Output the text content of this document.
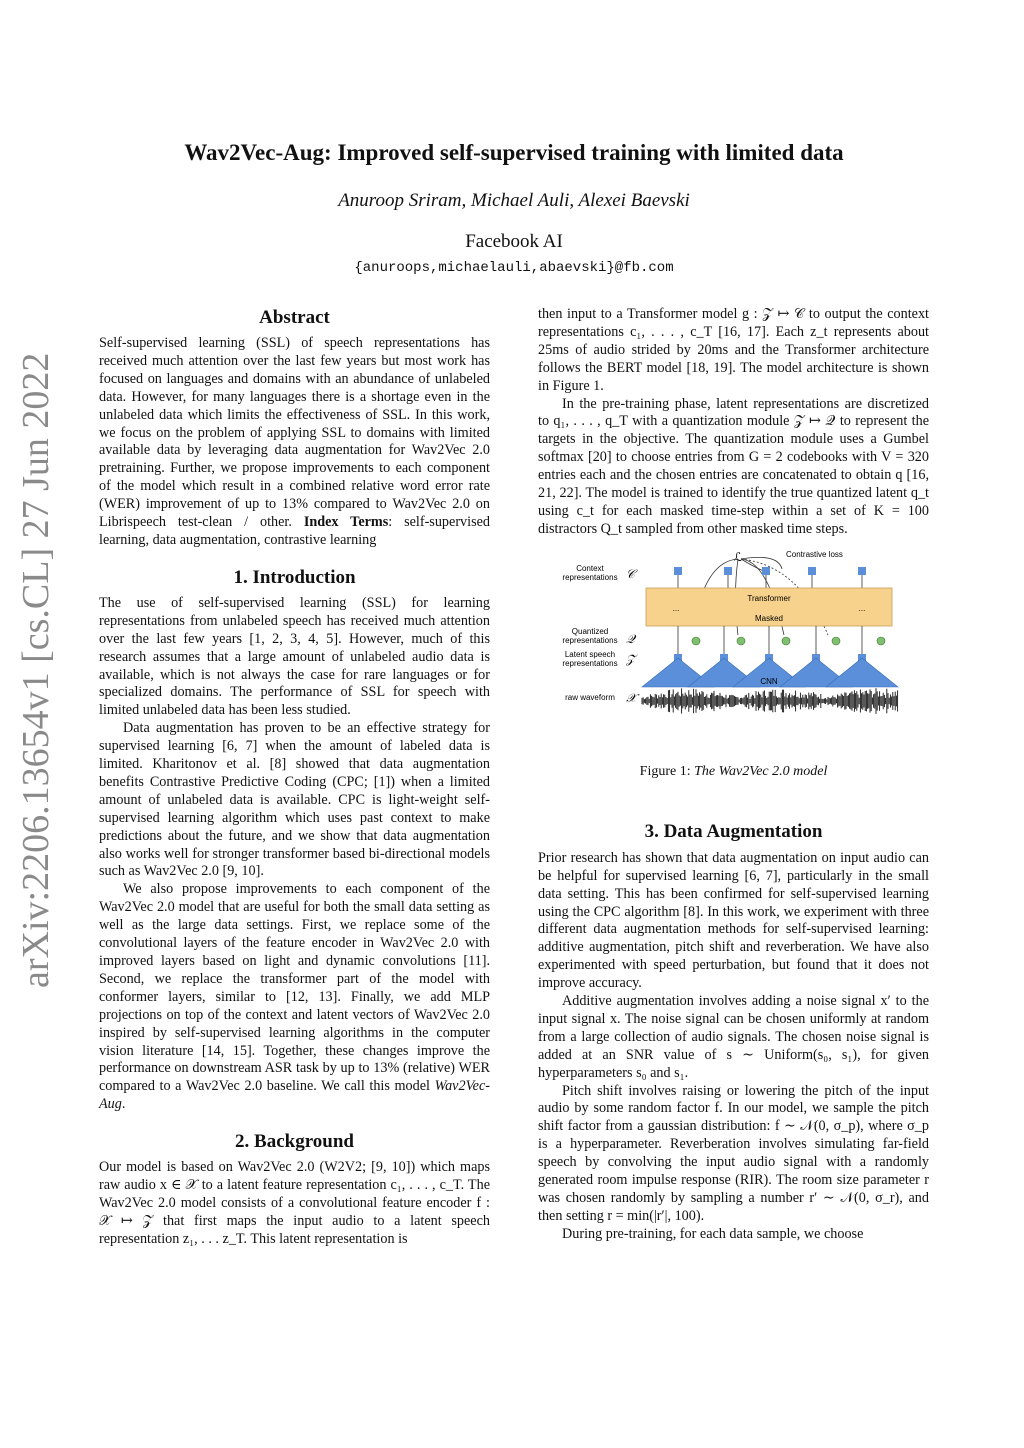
arXiv:2206.13654v1 [cs.CL] 27 Jun 2022
Wav2Vec-Aug: Improved self-supervised training with limited data
Anuroop Sriram, Michael Auli, Alexei Baevski
Facebook AI
{anuroops,michaelauli,abaevski}@fb.com
Abstract

Self-supervised learning (SSL) of speech representations has received much attention over the last few years but most work has focused on languages and domains with an abundance of unlabeled data. However, for many languages there is a shortage even in the unlabeled data which limits the effectiveness of SSL. In this work, we focus on the problem of applying SSL to domains with limited available data by leveraging data augmentation for Wav2Vec 2.0 pretraining. Further, we propose improvements to each component of the model which result in a combined relative word error rate (WER) improvement of up to 13% compared to Wav2Vec 2.0 on Librispeech test-clean / other. Index Terms: self-supervised learning, data augmentation, contrastive learning

1. Introduction

The use of self-supervised learning (SSL) for learning representations from unlabeled speech has received much attention over the last few years [1, 2, 3, 4, 5]. However, much of this research assumes that a large amount of unlabeled audio data is available, which is not always the case for rare languages or for specialized domains. The performance of SSL for speech with limited unlabeled data has been less studied.

Data augmentation has proven to be an effective strategy for supervised learning [6, 7] when the amount of labeled data is limited. Kharitonov et al. [8] showed that data augmentation benefits Contrastive Predictive Coding (CPC; [1]) when a limited amount of unlabeled data is available. CPC is light-weight self-supervised learning algorithm which uses past context to make predictions about the future, and we show that data augmentation also works well for stronger transformer based bi-directional models such as Wav2Vec 2.0 [9, 10].

We also propose improvements to each component of the Wav2Vec 2.0 model that are useful for both the small data setting as well as the large data settings. First, we replace some of the convolutional layers of the feature encoder in Wav2Vec 2.0 with improved layers based on light and dynamic convolutions [11]. Second, we replace the transformer part of the model with conformer layers, similar to [12, 13]. Finally, we add MLP projections on top of the context and latent vectors of Wav2Vec 2.0 inspired by self-supervised learning algorithms in the computer vision literature [14, 15]. Together, these changes improve the performance on downstream ASR task by up to 13% (relative) WER compared to a Wav2Vec 2.0 baseline. We call this model Wav2Vec-Aug.

2. Background

Our model is based on Wav2Vec 2.0 (W2V2; [9, 10]) which maps raw audio x ∈ 𝒳 to a latent feature representation c₁, . . . , c_T. The Wav2Vec 2.0 model consists of a convolutional feature encoder f : 𝒳 ↦ 𝒵 that first maps the input audio to a latent speech representation z₁, . . . z_T. This latent representation is

then input to a Transformer model g : 𝒵 ↦ 𝒞 to output the context representations c₁, . . . , c_T [16, 17]. Each z_t represents about 25ms of audio strided by 20ms and the Transformer architecture follows the BERT model [18, 19]. The model architecture is shown in Figure 1.

In the pre-training phase, latent representations are discretized to q₁, . . . , q_T with a quantization module 𝒵 ↦ 𝒬 to represent the targets in the objective. The quantization module uses a Gumbel softmax [20] to choose entries from G = 2 codebooks with V = 320 entries each and the chosen entries are concatenated to obtain q [16, 21, 22]. The model is trained to identify the true quantized latent q_t using c_t for each masked time-step within a set of K = 100 distractors Q_t sampled from other masked time steps.

Context
representations 𝒞
Quantized
representations 𝒬
Latent speech
representations 𝒵
raw waveform 𝒳
Contrastive loss
ℒ
Transformer
Masked
...	...
CNN
Figure 1: The Wav2Vec 2.0 model
3. Data Augmentation

Prior research has shown that data augmentation on input audio can be helpful for supervised learning [6, 7], particularly in the small data setting. This has been confirmed for self-supervised learning using the CPC algorithm [8]. In this work, we experiment with three different data augmentation methods for self-supervised learning: additive augmentation, pitch shift and reverberation. We have also experimented with speed perturbation, but found that it does not improve accuracy.

Additive augmentation involves adding a noise signal x′ to the input signal x. The noise signal can be chosen uniformly at random from a large collection of audio signals. The chosen noise signal is added at an SNR value of s ∼ Uniform(s₀, s₁), for given hyperparameters s₀ and s₁.

Pitch shift involves raising or lowering the pitch of the input audio by some random factor f. In our model, we sample the pitch shift factor from a gaussian distribution: f ∼ 𝒩(0, σ_p), where σ_p is a hyperparameter. Reverberation involves simulating far-field speech by convolving the input audio signal with a randomly generated room impulse response (RIR). The room size parameter r was chosen randomly by sampling a number r′ ∼ 𝒩(0, σ_r), and then setting r = min(|r′|, 100).

During pre-training, for each data sample, we choose
